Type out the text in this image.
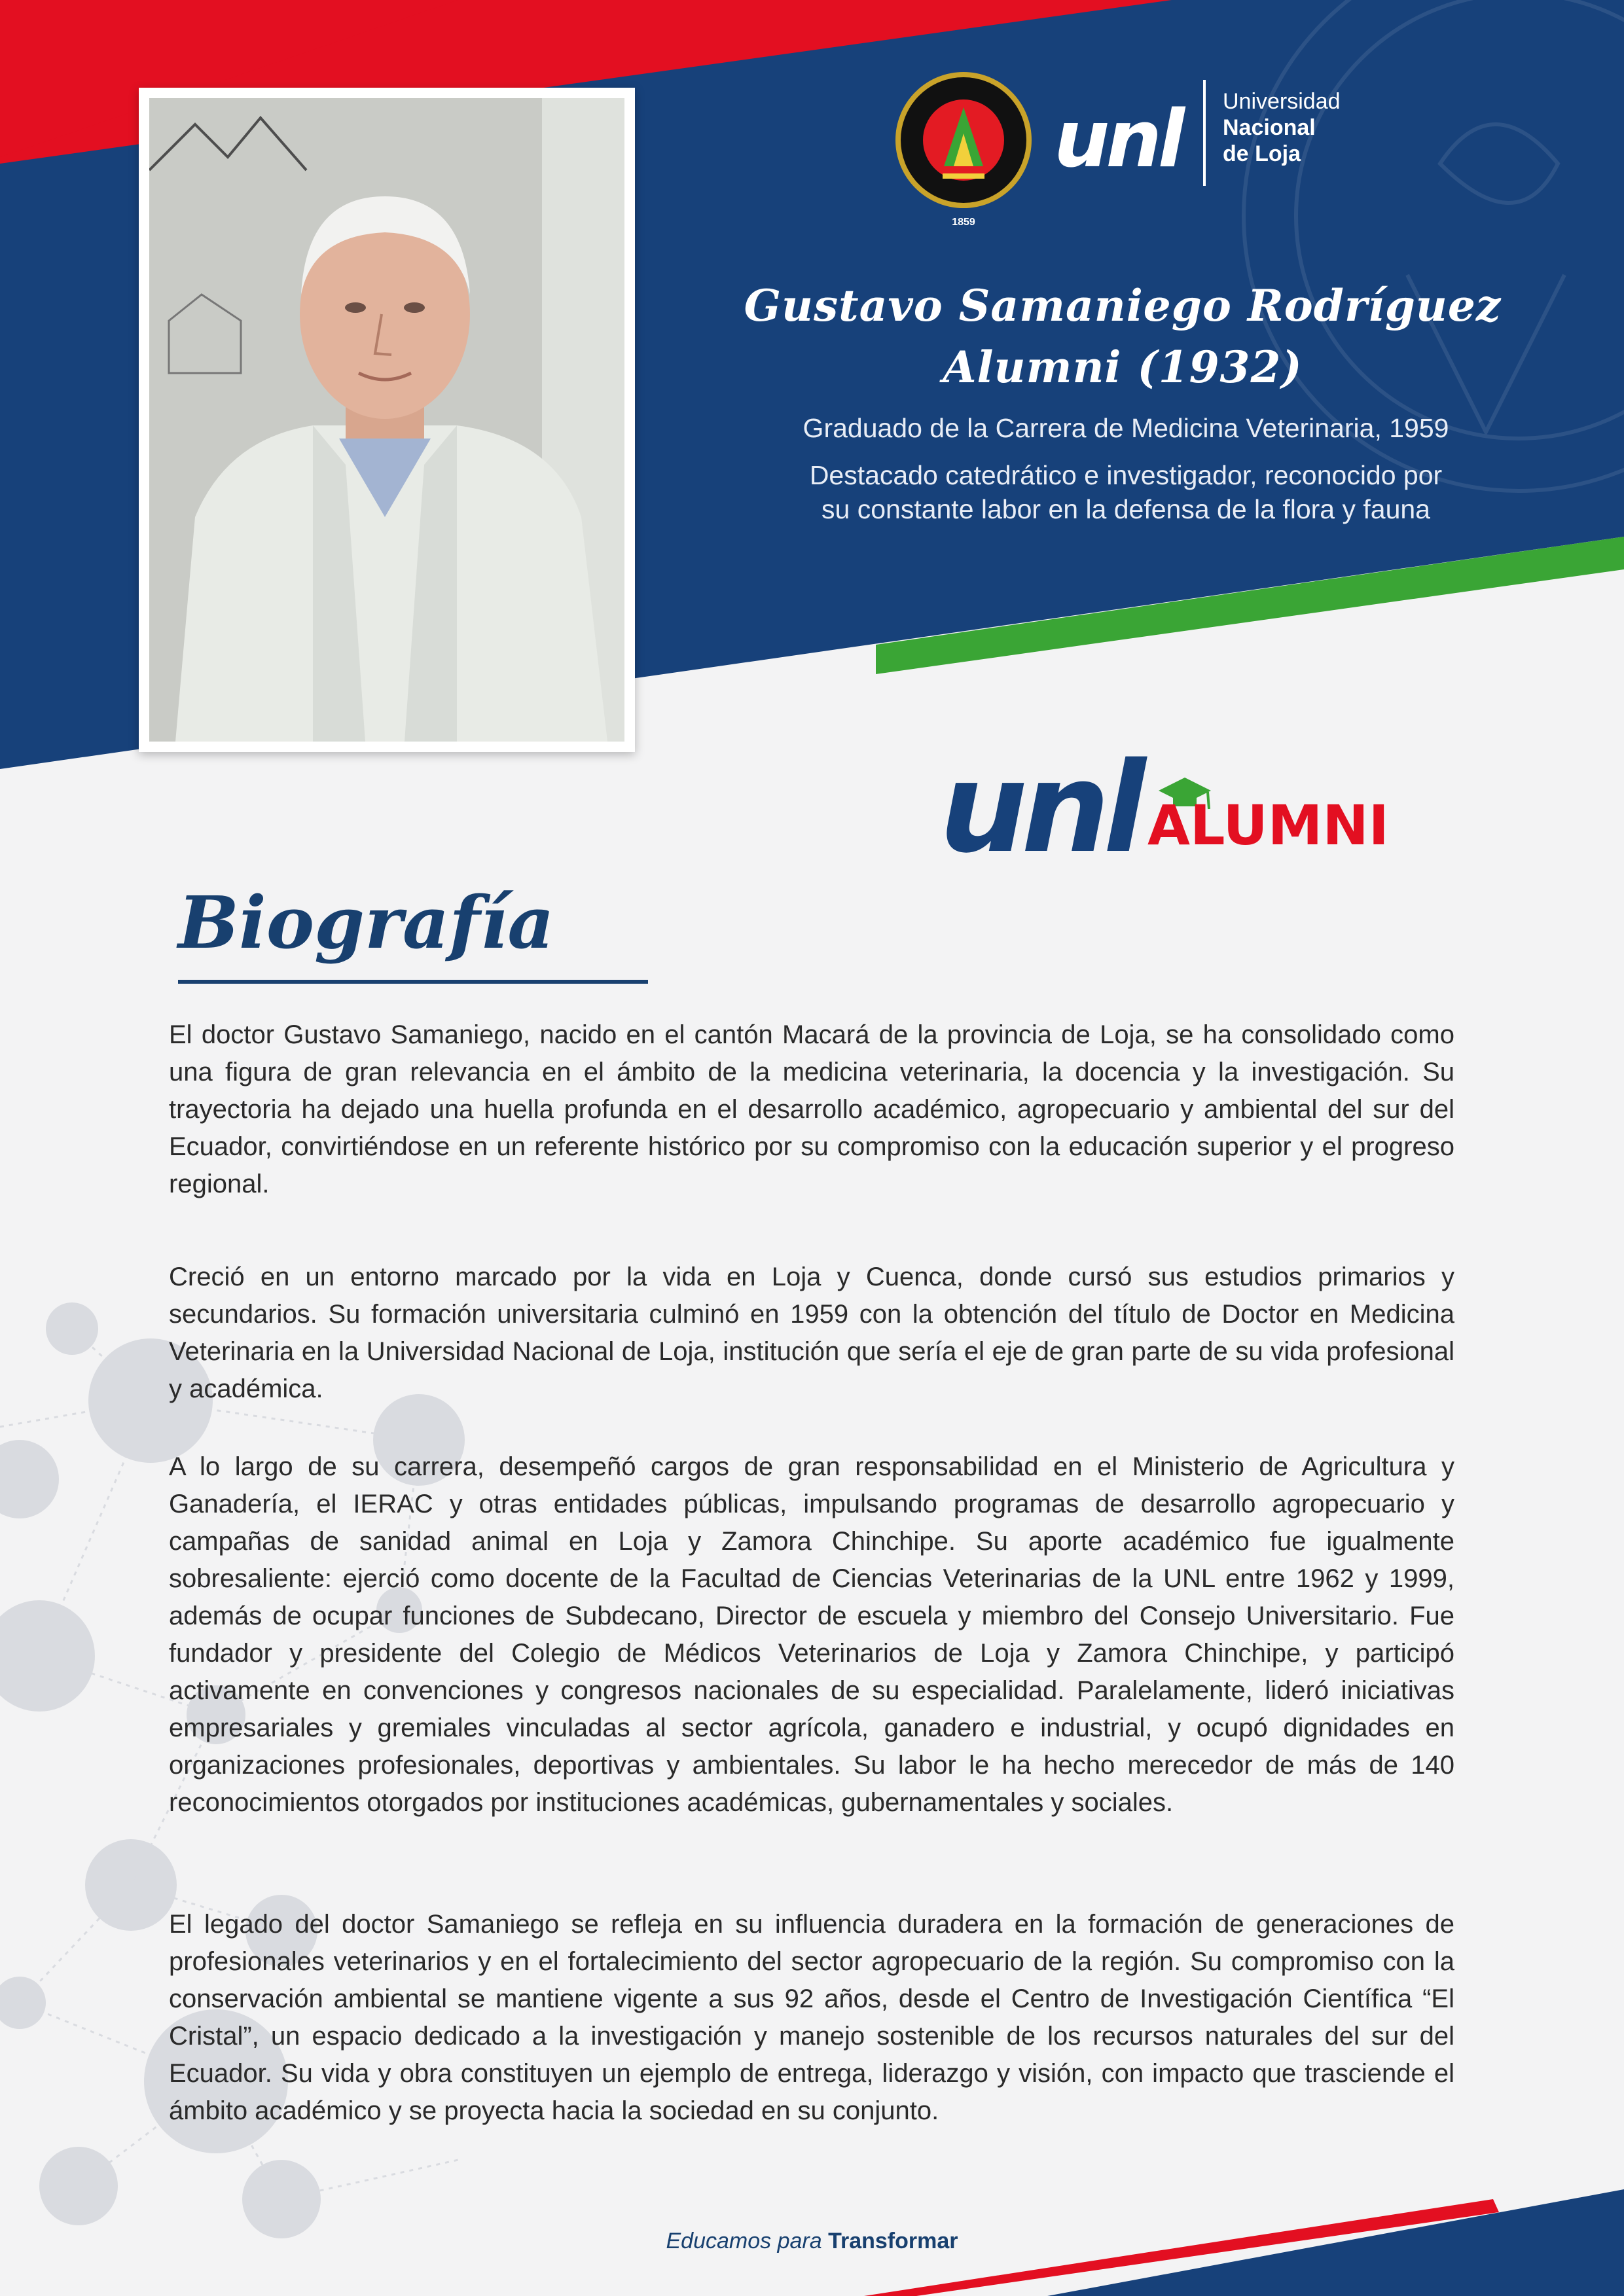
1859
unl Universidad
Nacional
de Loja
Gustavo Samaniego Rodríguez
Alumni (1932)
Graduado de la Carrera de Medicina Veterinaria, 1959
Destacado catedrático e investigador, reconocido por
su constante labor en la defensa de la flora y fauna
unl ALUMNI
Biografía

El doctor Gustavo Samaniego, nacido en el cantón Macará de la provincia de Loja, se ha consolidado como una figura de gran relevancia en el ámbito de la medicina veterinaria, la docencia y la investigación. Su trayectoria ha dejado una huella profunda en el desarrollo académico, agropecuario y ambiental del sur del Ecuador, convirtiéndose en un referente histórico por su compromiso con la educación superior y el progreso regional.

Creció en un entorno marcado por la vida en Loja y Cuenca, donde cursó sus estudios primarios y secundarios. Su formación universitaria culminó en 1959 con la obtención del título de Doctor en Medicina Veterinaria en la Universidad Nacional de Loja, institución que sería el eje de gran parte de su vida profesional y académica.

A lo largo de su carrera, desempeñó cargos de gran responsabilidad en el Ministerio de Agricultura y Ganadería, el IERAC y otras entidades públicas, impulsando programas de desarrollo agropecuario y campañas de sanidad animal en Loja y Zamora Chinchipe. Su aporte académico fue igualmente sobresaliente: ejerció como docente de la Facultad de Ciencias Veterinarias de la UNL entre 1962 y 1999, además de ocupar funciones de Subdecano, Director de escuela y miembro del Consejo Universitario. Fue fundador y presidente del Colegio de Médicos Veterinarios de Loja y Zamora Chinchipe, y participó activamente en convenciones y congresos nacionales de su especialidad. Paralelamente, lideró iniciativas empresariales y gremiales vinculadas al sector agrícola, ganadero e industrial, y ocupó dignidades en organizaciones profesionales, deportivas y ambientales. Su labor le ha hecho merecedor de más de 140 reconocimientos otorgados por instituciones académicas, gubernamentales y sociales.

El legado del doctor Samaniego se refleja en su influencia duradera en la formación de generaciones de profesionales veterinarios y en el fortalecimiento del sector agropecuario de la región. Su compromiso con la conservación ambiental se mantiene vigente a sus 92 años, desde el Centro de Investigación Científica “El Cristal”, un espacio dedicado a la investigación y manejo sostenible de los recursos naturales del sur del Ecuador. Su vida y obra constituyen un ejemplo de entrega, liderazgo y visión, con impacto que trasciende el ámbito académico y se proyecta hacia la sociedad en su conjunto.

Educamos para Transformar
